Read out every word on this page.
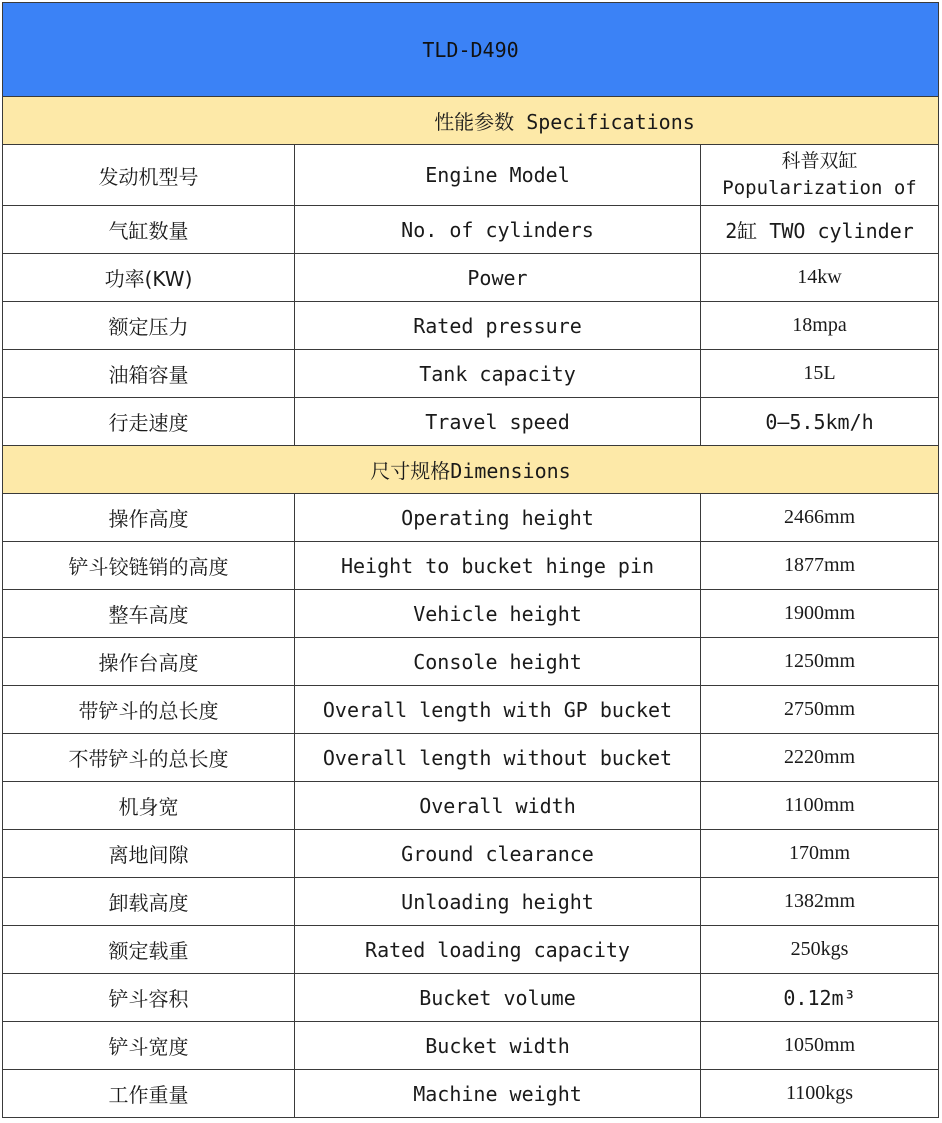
TLD-D490		
性能参数 Specifications		
发动机型号	Engine Model	科普双缸
Popularization of

气缸数量	No. of cylinders	2缸 TWO cylinder
功率(KW)	Power	14kw
额定压力	Rated pressure	18mpa
油箱容量	Tank capacity	15L
行走速度	Travel speed	0—5.5km/h
尺寸规格Dimensions		
操作高度	Operating height	2466mm
铲斗铰链销的高度	Height to bucket hinge pin	1877mm
整车高度	Vehicle height	1900mm
操作台高度	Console height	1250mm
带铲斗的总长度	Overall length with GP bucket	2750mm
不带铲斗的总长度	Overall length without bucket	2220mm
机身宽	Overall width	1100mm
离地间隙	Ground clearance	170mm
卸载高度	Unloading height	1382mm
额定载重	Rated loading capacity	250kgs
铲斗容积	Bucket volume	0.12m³
铲斗宽度	Bucket width	1050mm
工作重量	Machine weight	1100kgs
